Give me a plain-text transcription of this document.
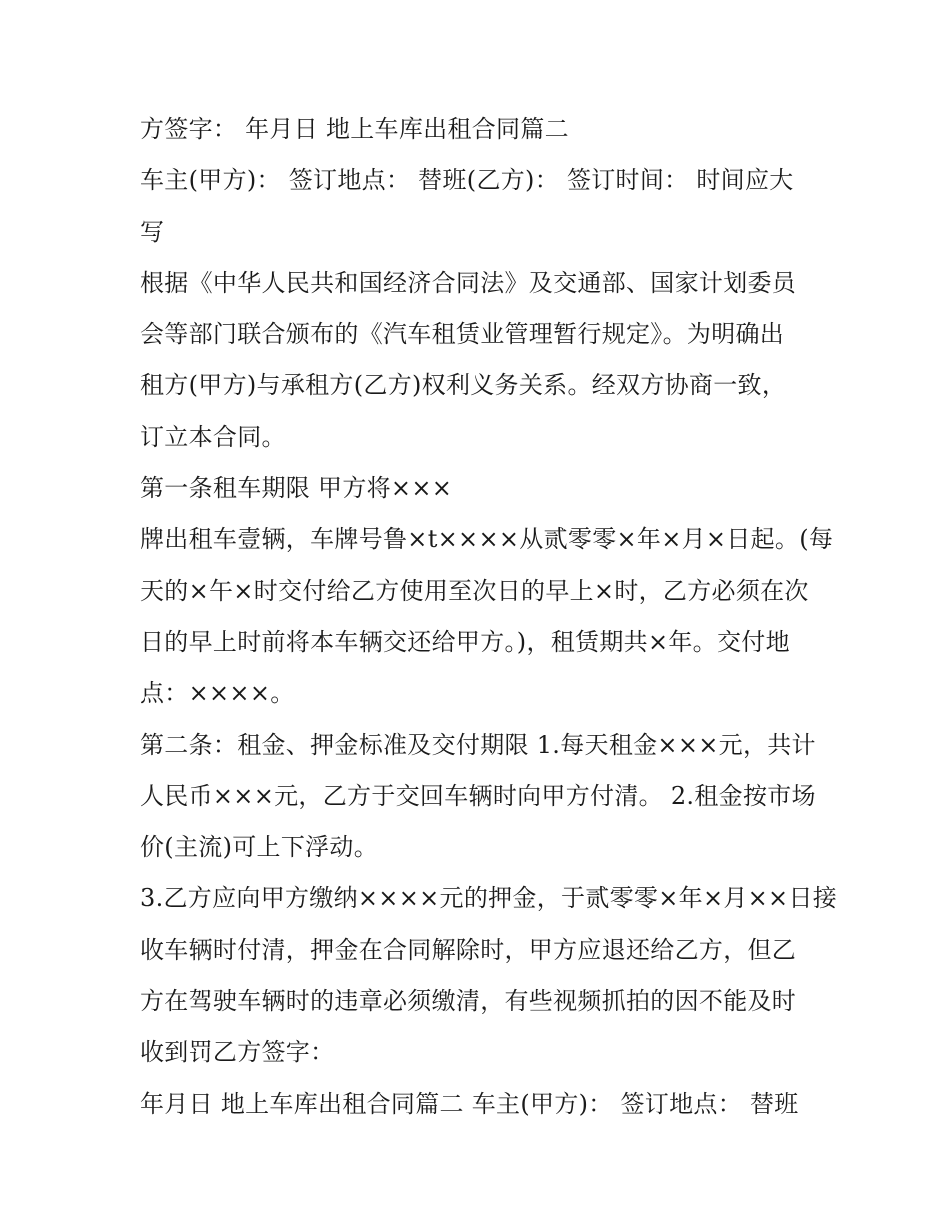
方签字： 年月日 地上车库出租合同篇二
车主(甲方)： 签订地点： 替班(乙方)： 签订时间： 时间应大
写
根据《中华人民共和国经济合同法》及交通部、国家计划委员
会等部门联合颁布的《汽车租赁业管理暂行规定》。为明确出
租方(甲方)与承租方(乙方)权利义务关系。经双方协商一致，
订立本合同。
第一条租车期限 甲方将×××
牌出租车壹辆，车牌号鲁×t××××从贰零零×年×月×日起。(每
天的×午×时交付给乙方使用至次日的早上×时，乙方必须在次
日的早上时前将本车辆交还给甲方。)，租赁期共×年。交付地
点：××××。
第二条：租金、押金标准及交付期限 1.每天租金×××元，共计
人民币×××元，乙方于交回车辆时向甲方付清。 2.租金按市场
价(主流)可上下浮动。
3.乙方应向甲方缴纳××××元的押金，于贰零零×年×月××日接
收车辆时付清，押金在合同解除时，甲方应退还给乙方，但乙
方在驾驶车辆时的违章必须缴清，有些视频抓拍的因不能及时
收到罚乙方签字：
年月日 地上车库出租合同篇二 车主(甲方)： 签订地点： 替班
